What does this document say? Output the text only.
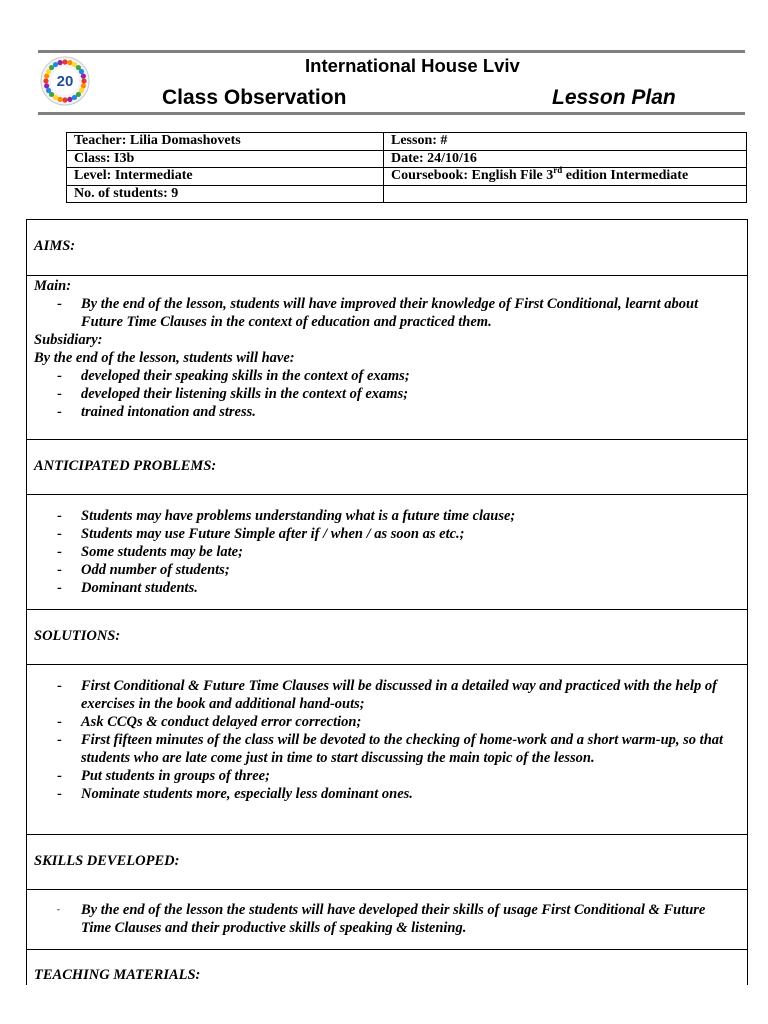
20
International House Lviv
Class Observation	Lesson Plan
Teacher: Lilia Domashovets	Lesson: #
Class: I3b	Date: 24/10/16
Level: Intermediate	Coursebook: English File 3rd edition Intermediate
No. of students: 9	
AIMS:
Main:
- By the end of the lesson, students will have improved their knowledge of First Conditional, learnt about Future Time Clauses in the context of education and practiced them.
Subsidiary:
By the end of the lesson, students will have:
- developed their speaking skills in the context of exams;
- developed their listening skills in the context of exams;
- trained intonation and stress.
ANTICIPATED PROBLEMS:
- Students may have problems understanding what is a future time clause;
- Students may use Future Simple after if / when / as soon as etc.;
- Some students may be late;
- Odd number of students;
- Dominant students.
SOLUTIONS:
- First Conditional & Future Time Clauses will be discussed in a detailed way and practiced with the help of exercises in the book and additional hand-outs;
- Ask CCQs & conduct delayed error correction;
- First fifteen minutes of the class will be devoted to the checking of home-work and a short warm-up, so that students who are late come just in time to start discussing the main topic of the lesson.
- Put students in groups of three;
- Nominate students more, especially less dominant ones.
SKILLS DEVELOPED:
- By the end of the lesson the students will have developed their skills of usage First Conditional & Future Time Clauses and their productive skills of speaking & listening.
TEACHING MATERIALS:
